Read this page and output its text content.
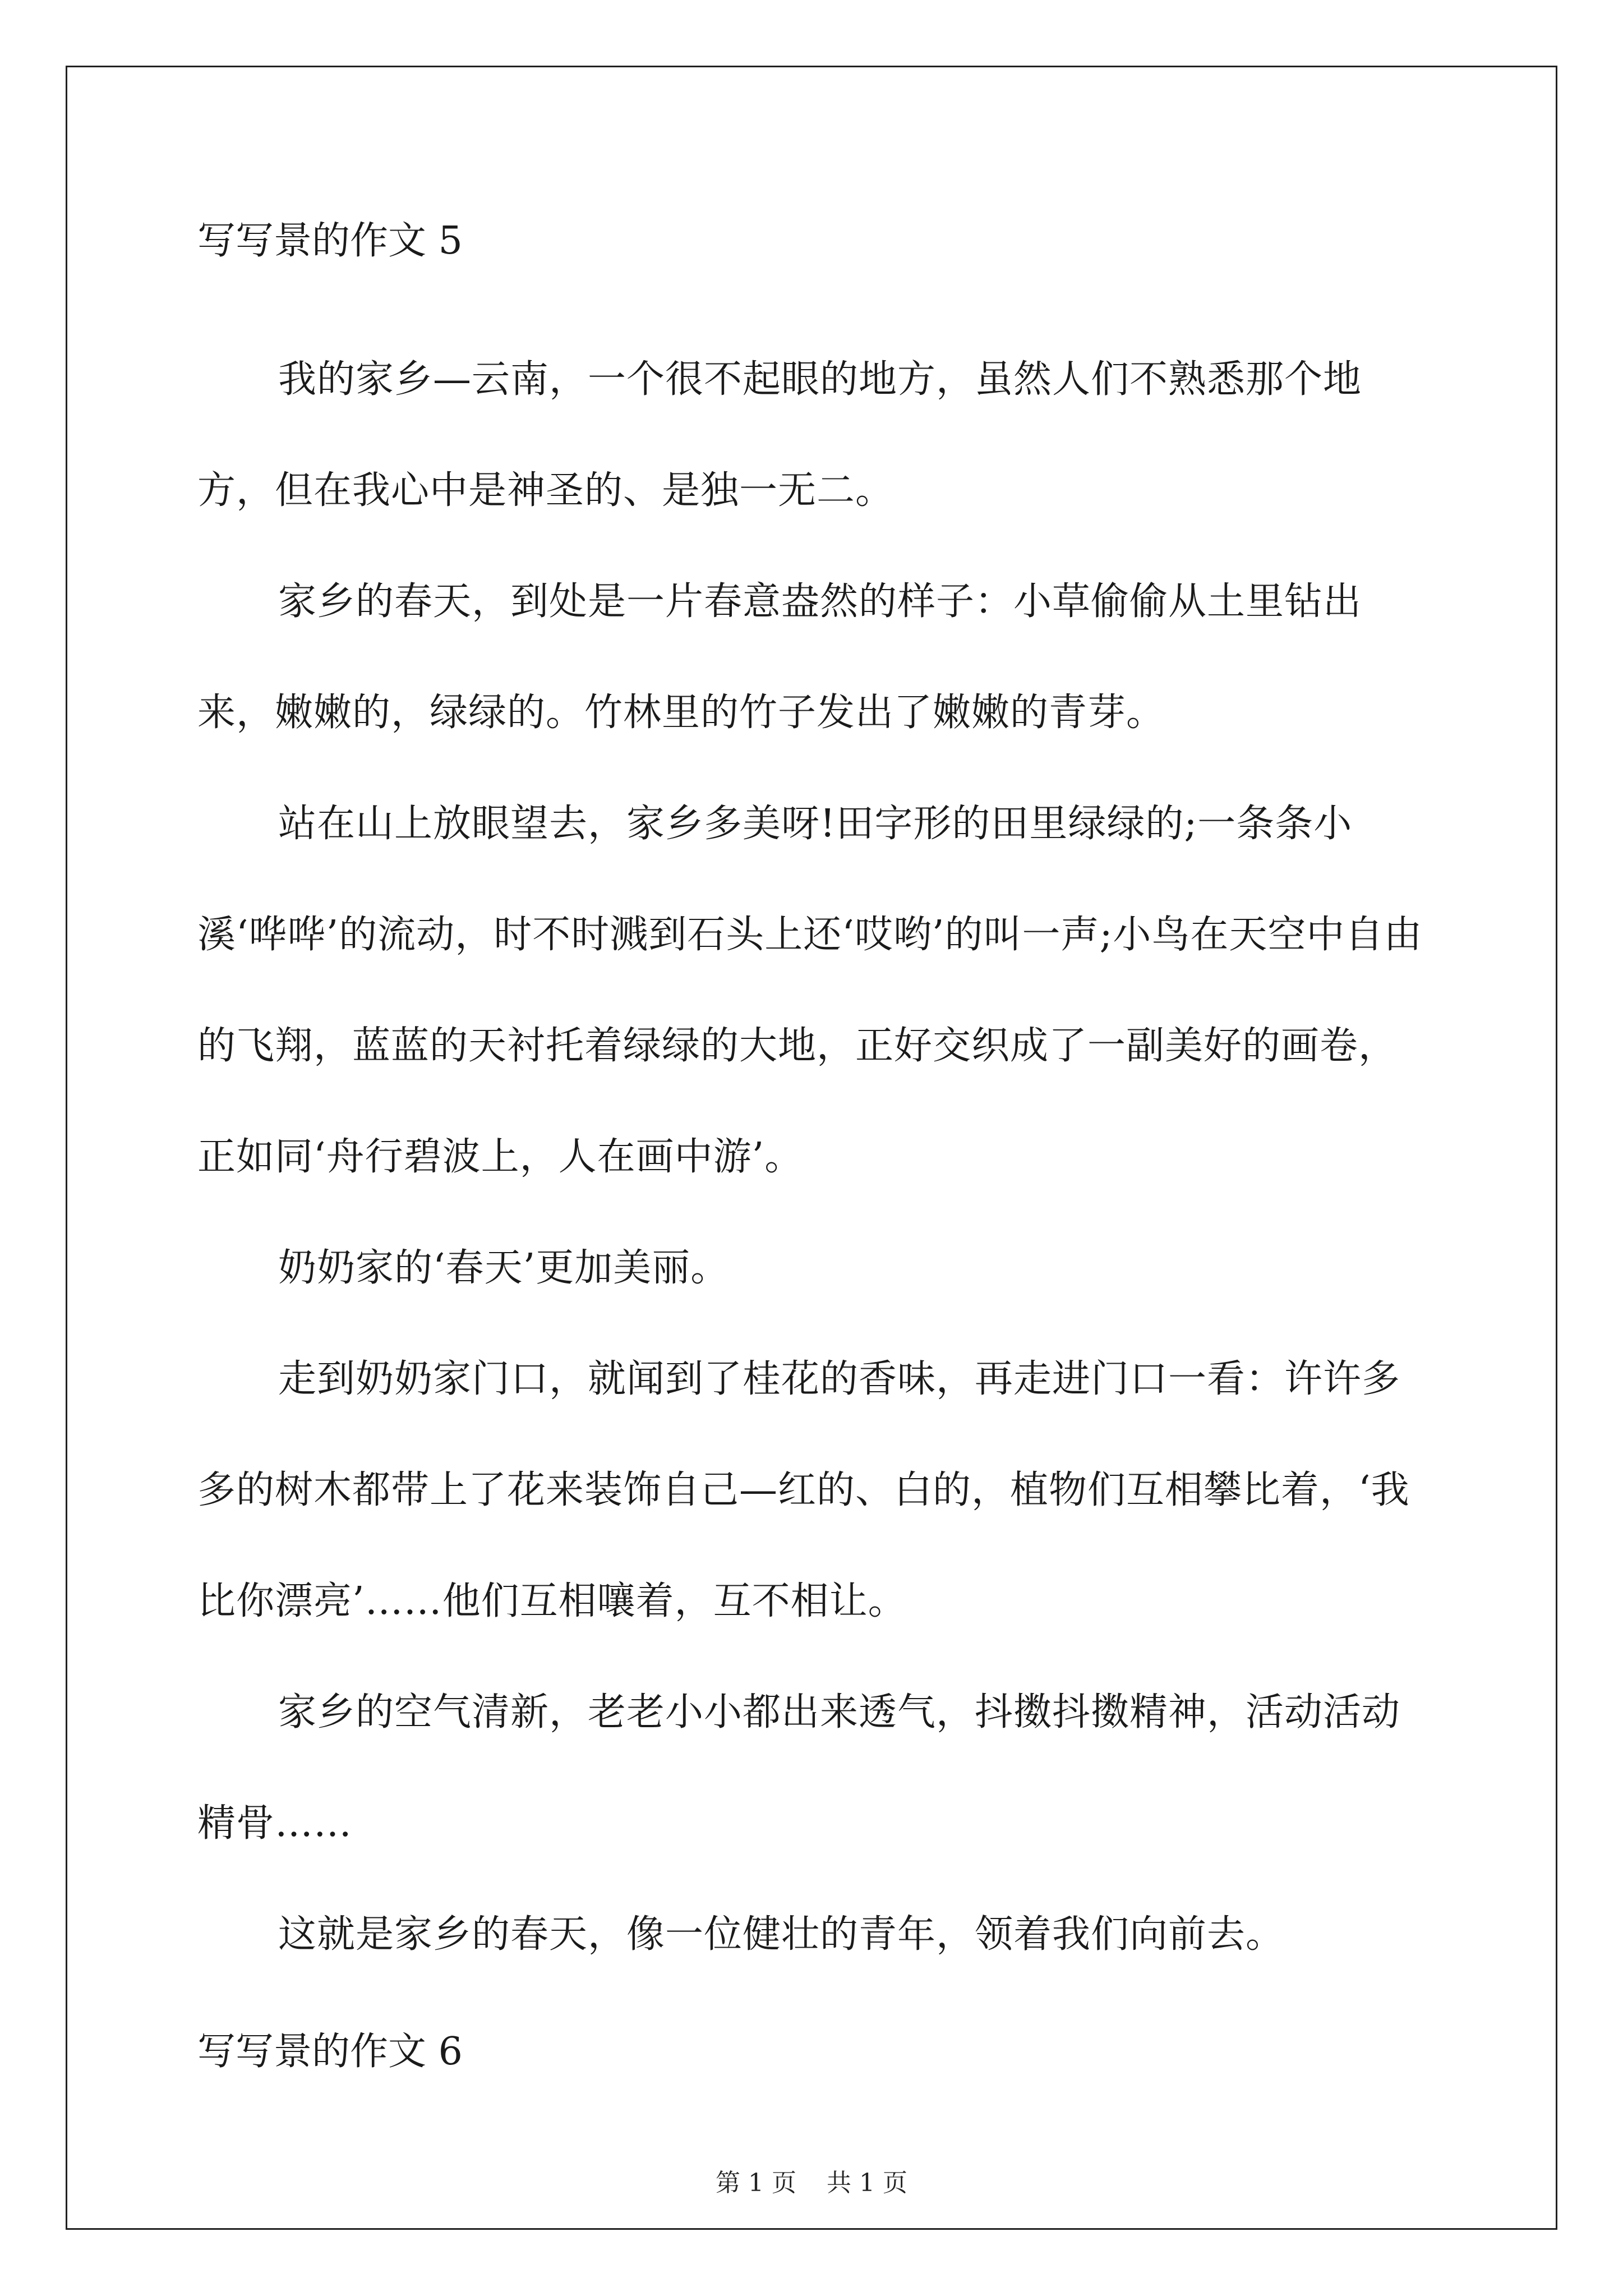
写写景的作文 5

我的家乡—云南，一个很不起眼的地方，虽然人们不熟悉那个地方，但在我心中是神圣的、是独一无二。

家乡的春天，到处是一片春意盎然的样子：小草偷偷从土里钻出来，嫩嫩的，绿绿的。竹林里的竹子发出了嫩嫩的青芽。

站在山上放眼望去，家乡多美呀!田字形的田里绿绿的;一条条小溪‘哗哗’的流动，时不时溅到石头上还‘哎哟’的叫一声;小鸟在天空中自由的飞翔，蓝蓝的天衬托着绿绿的大地，正好交织成了一副美好的画卷，正如同‘舟行碧波上，人在画中游’。

奶奶家的‘春天’更加美丽。

走到奶奶家门口，就闻到了桂花的香味，再走进门口一看：许许多多的树木都带上了花来装饰自己—红的、白的，植物们互相攀比着，‘我比你漂亮’……他们互相嚷着，互不相让。

家乡的空气清新，老老小小都出来透气，抖擞抖擞精神，活动活动精骨……

这就是家乡的春天，像一位健壮的青年，领着我们向前去。

写写景的作文 6
第 1 页 共 1 页
